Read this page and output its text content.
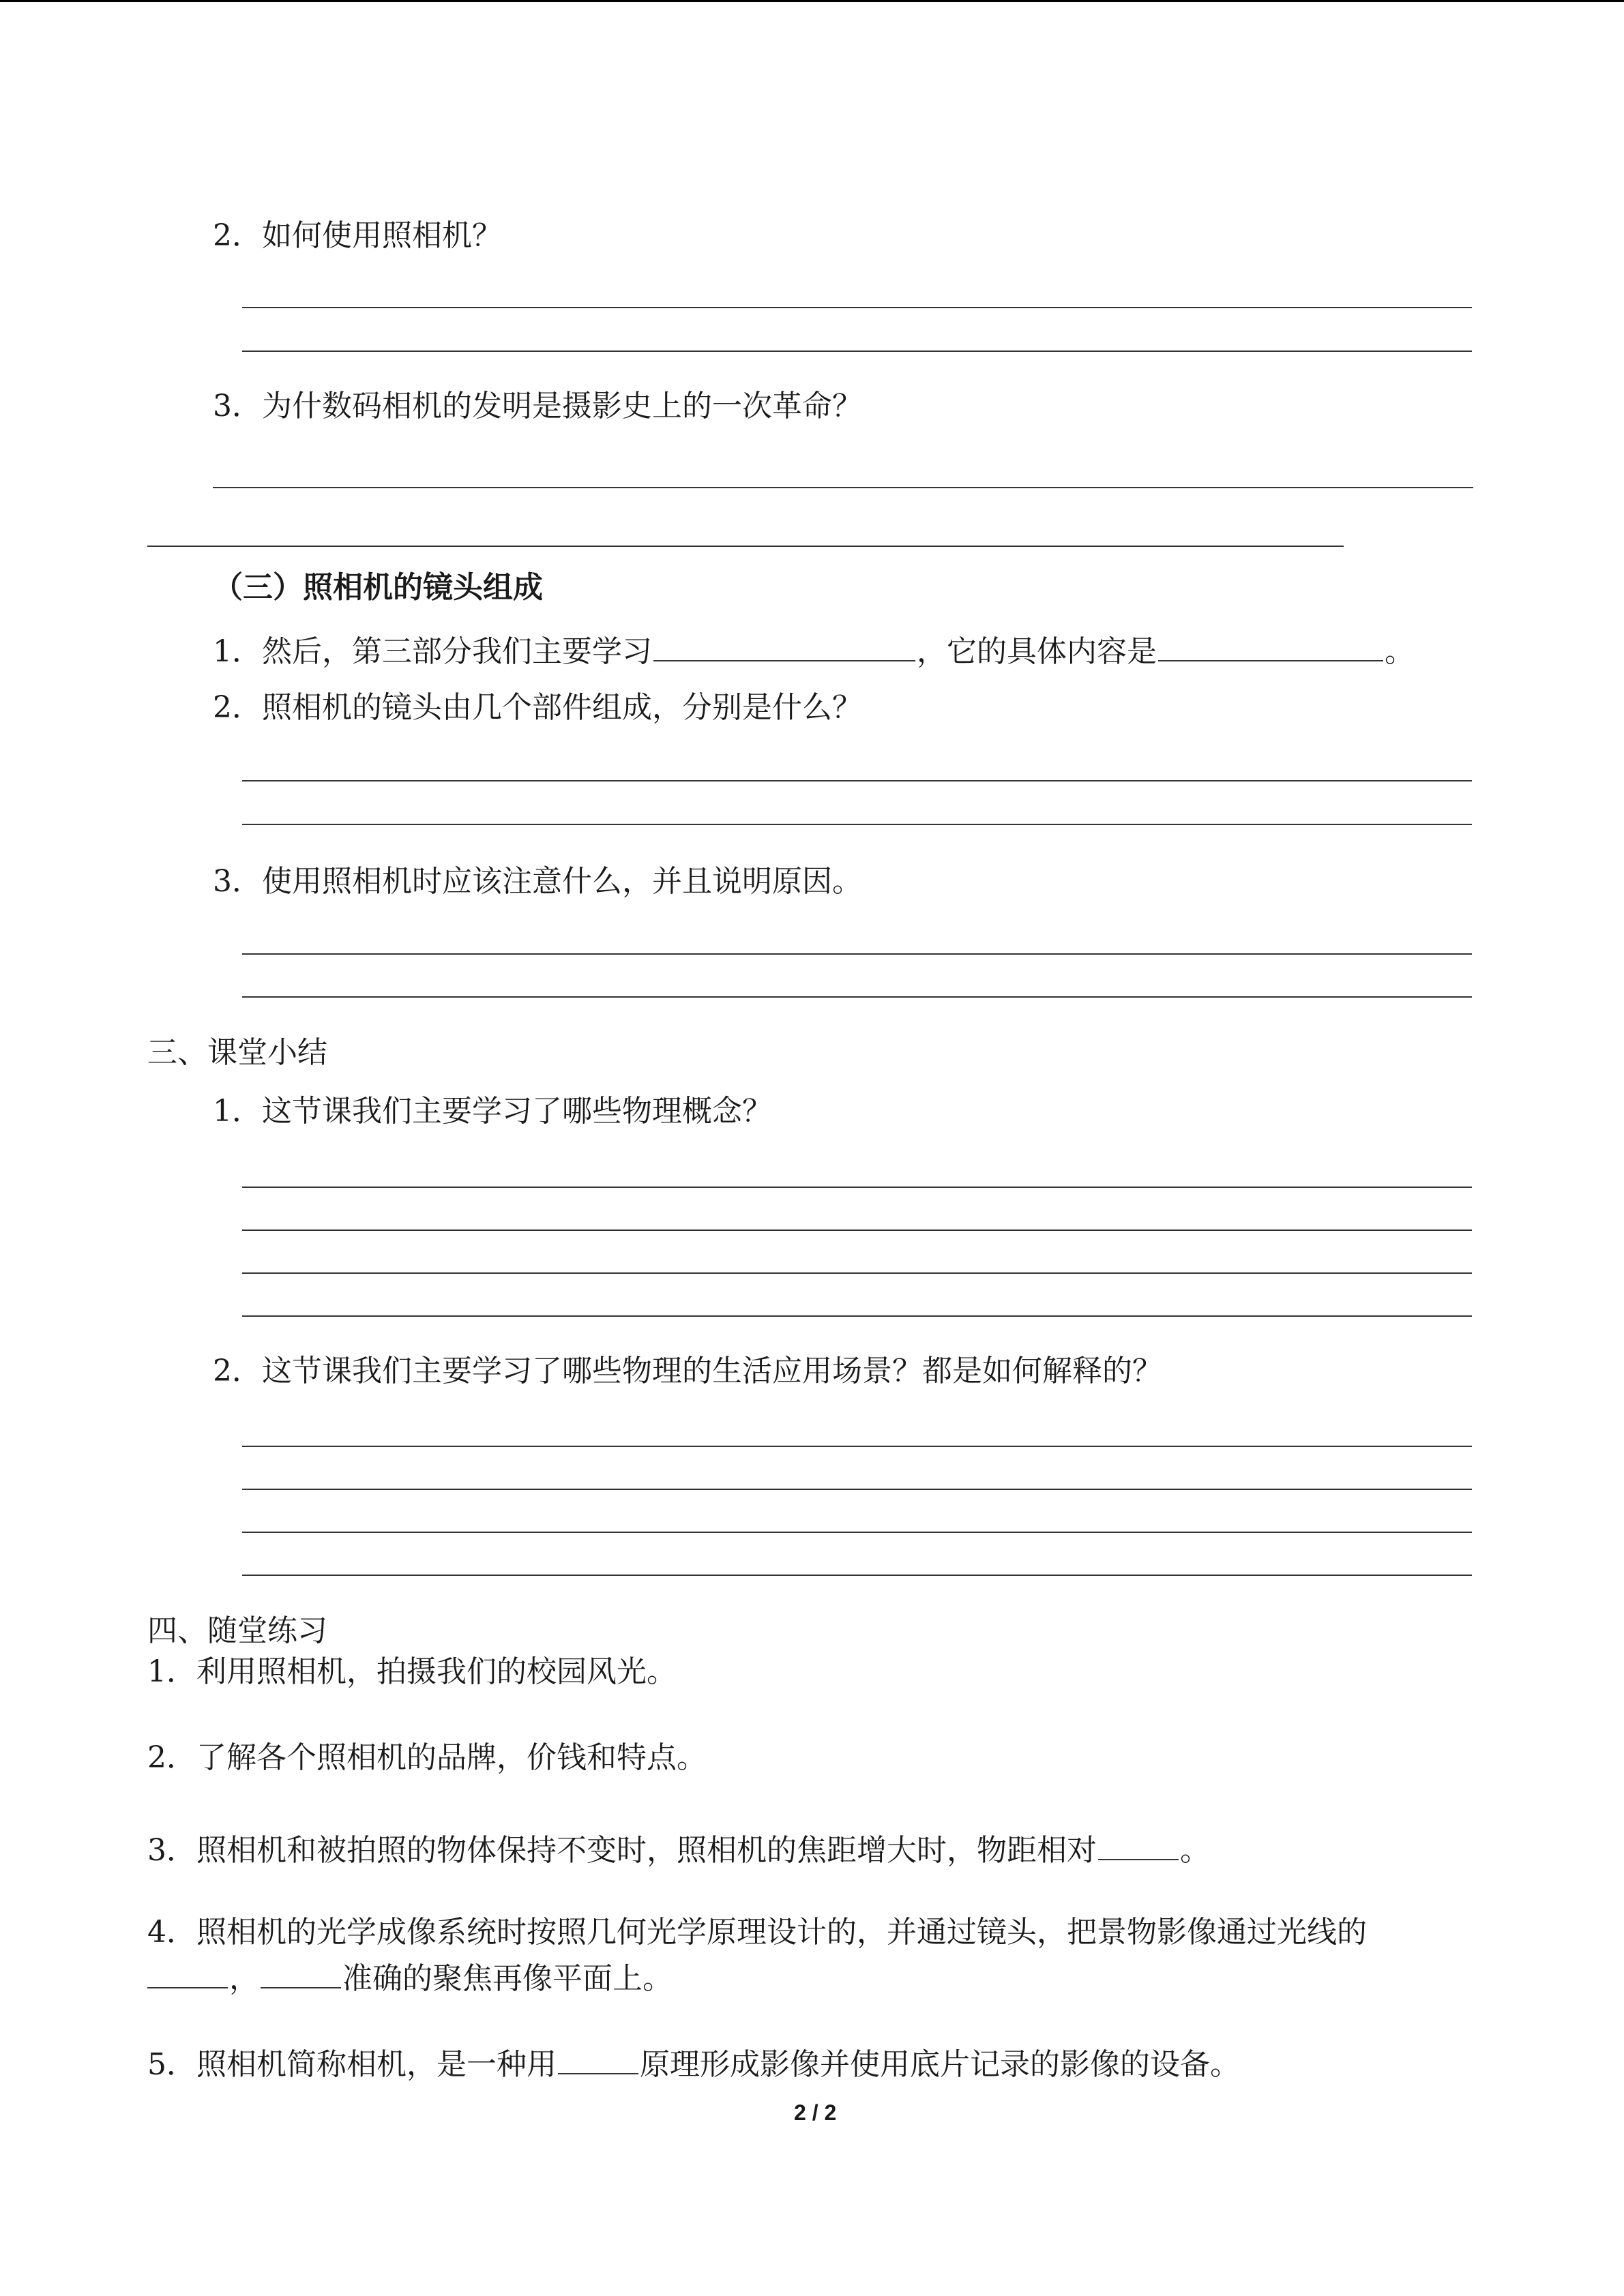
2．如何使用照相机？
3．为什数码相机的发明是摄影史上的一次革命？
（三）照相机的镜头组成
1．然后，第三部分我们主要学习	，它的具体内容是	。
2．照相机的镜头由几个部件组成，分别是什么？
3．使用照相机时应该注意什么，并且说明原因。
三、课堂小结
1．这节课我们主要学习了哪些物理概念？
2．这节课我们主要学习了哪些物理的生活应用场景？都是如何解释的？
四、随堂练习
1．利用照相机，拍摄我们的校园风光。
2．了解各个照相机的品牌，价钱和特点。
3．照相机和被拍照的物体保持不变时，照相机的焦距增大时，物距相对	。
4．照相机的光学成像系统时按照几何光学原理设计的，并通过镜头，把景物影像通过光线的
，	准确的聚焦再像平面上。
5．照相机简称相机，是一种用	原理形成影像并使用底片记录的影像的设备。
2 / 2
